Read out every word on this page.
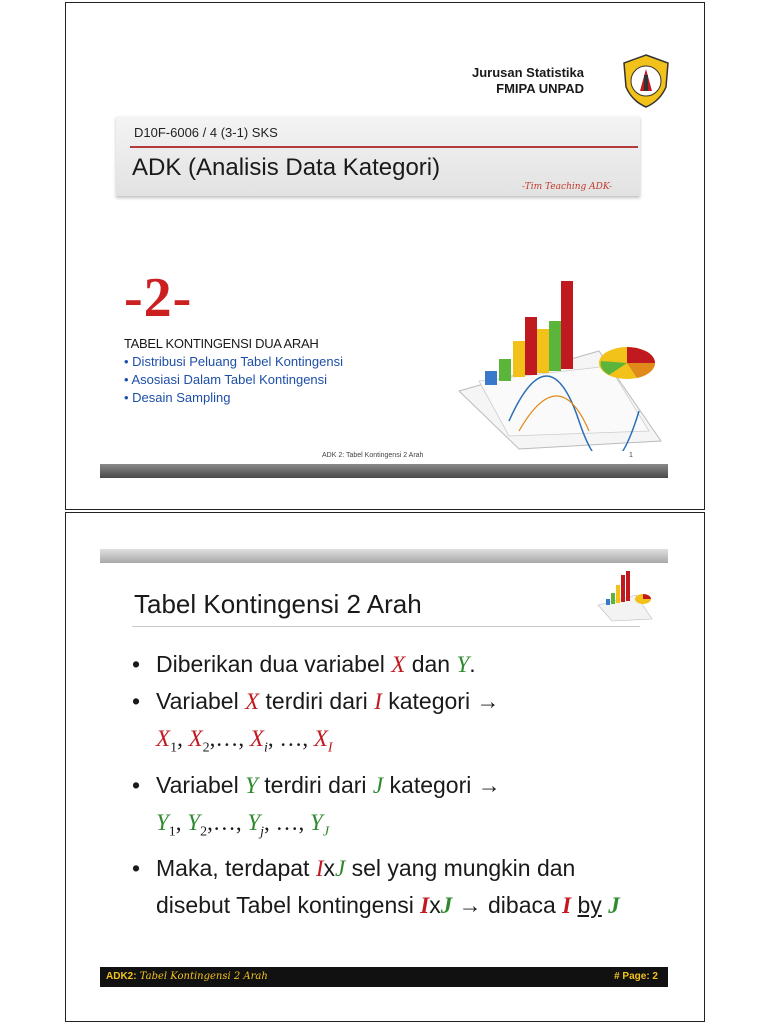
Jurusan Statistika
FMIPA UNPAD
D10F-6006 / 4 (3-1) SKS
ADK (Analisis Data Kategori)
-Tim Teaching ADK-
-2-
TABEL KONTINGENSI DUA ARAH
• Distribusi Peluang Tabel Kontingensi
• Asosiasi Dalam Tabel Kontingensi
• Desain Sampling
ADK 2: Tabel Kontingensi 2 Arah	1
Tabel Kontingensi 2 Arah
• Diberikan dua variabel X dan Y.
• Variabel X terdiri dari I kategori →
$X_1$, $X_2,\dots$, $X_i$, …, $X_I$
• Variabel Y terdiri dari J kategori →
$Y_1$, $Y_2,\dots$, $Y_j$, …, $Y_J$
• Maka, terdapat IxJ sel yang mungkin dan disebut Tabel kontingensi IxJ → dibaca I by J
ADK2: Tabel Kontingensi 2 Arah	# Page: 2
